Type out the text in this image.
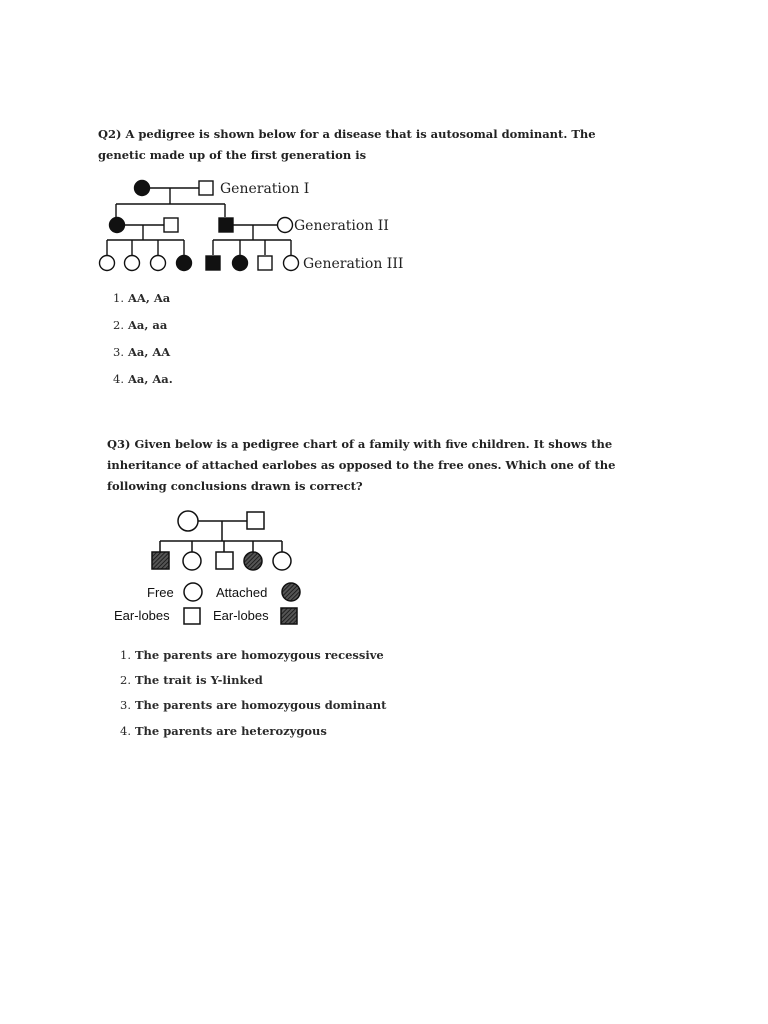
Q2) A pedigree is shown below for a disease that is autosomal dominant. The

genetic made up of the first generation is

Generation I
Generation II
Generation III

1. AA, Aa

2. Aa, aa

3. Aa, AA

4. Aa, Aa.

Q3) Given below is a pedigree chart of a family with five children. It shows the

inheritance of attached earlobes as opposed to the free ones. Which one of the

following conclusions drawn is correct?

Free	Attached
Ear-lobes	Ear-lobes

1. The parents are homozygous recessive

2. The trait is Y-linked

3. The parents are homozygous dominant

4. The parents are heterozygous
